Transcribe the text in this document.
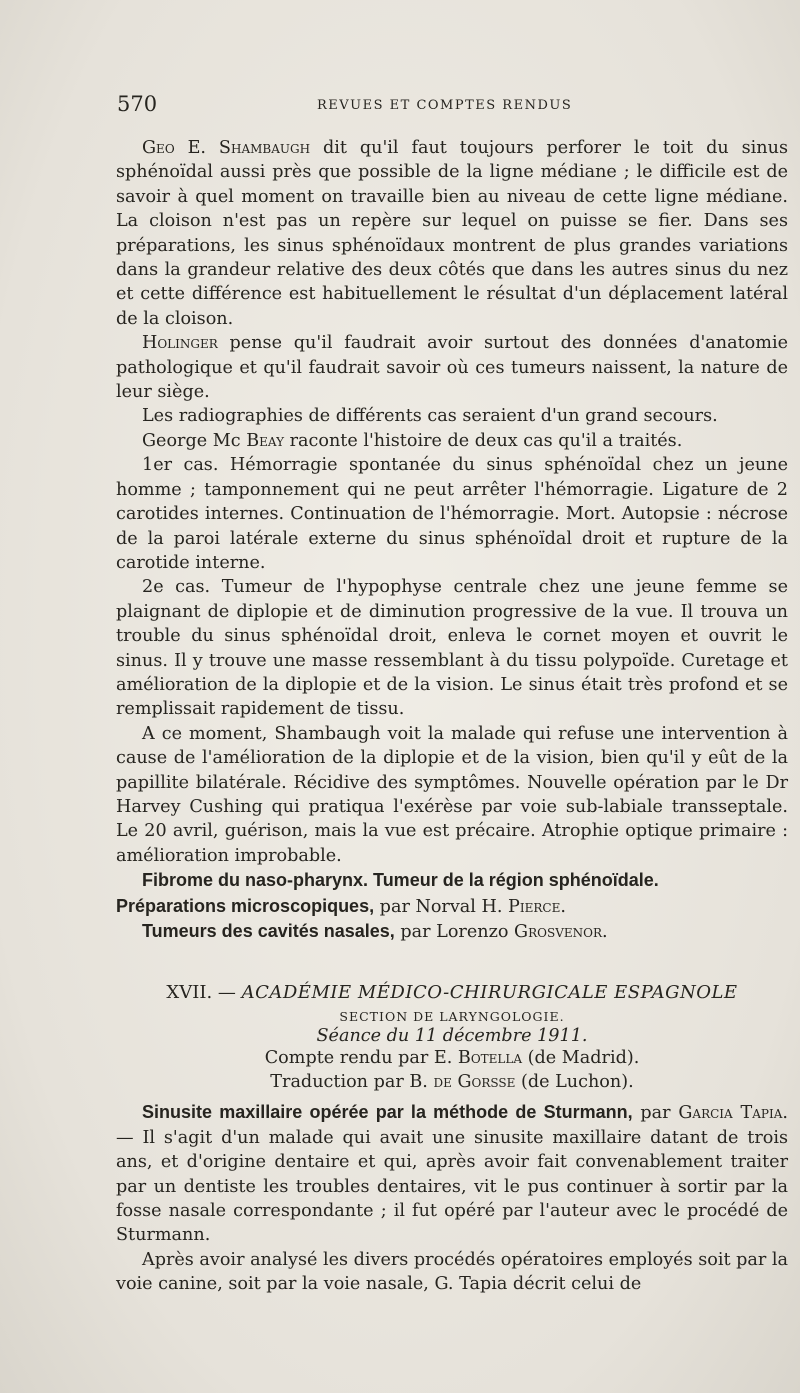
570	REVUES ET COMPTES RENDUS

Geo E. Shambaugh dit qu'il faut toujours perforer le toit du sinus sphénoïdal aussi près que possible de la ligne médiane ; le difficile est de savoir à quel moment on travaille bien au niveau de cette ligne médiane. La cloison n'est pas un repère sur lequel on puisse se fier. Dans ses préparations, les sinus sphénoïdaux montrent de plus grandes variations dans la grandeur relative des deux côtés que dans les autres sinus du nez et cette différence est habituellement le résultat d'un déplacement latéral de la cloison.

Holinger pense qu'il faudrait avoir surtout des données d'anatomie pathologique et qu'il faudrait savoir où ces tumeurs naissent, la nature de leur siège.

Les radiographies de différents cas seraient d'un grand secours.

George Mc Beay raconte l'histoire de deux cas qu'il a traités.

1er cas. Hémorragie spontanée du sinus sphénoïdal chez un jeune homme ; tamponnement qui ne peut arrêter l'hémorragie. Ligature de 2 carotides internes. Continuation de l'hémorragie. Mort. Autopsie : nécrose de la paroi latérale externe du sinus sphénoïdal droit et rupture de la carotide interne.

2e cas. Tumeur de l'hypophyse centrale chez une jeune femme se plaignant de diplopie et de diminution progressive de la vue. Il trouva un trouble du sinus sphénoïdal droit, enleva le cornet moyen et ouvrit le sinus. Il y trouve une masse ressemblant à du tissu polypoïde. Curetage et amélioration de la diplopie et de la vision. Le sinus était très profond et se remplissait rapidement de tissu.

A ce moment, Shambaugh voit la malade qui refuse une intervention à cause de l'amélioration de la diplopie et de la vision, bien qu'il y eût de la papillite bilatérale. Récidive des symptômes. Nouvelle opération par le Dr Harvey Cushing qui pratiqua l'exérèse par voie sub-labiale transseptale. Le 20 avril, guérison, mais la vue est précaire. Atrophie optique primaire : amélioration improbable.

Fibrome du naso-pharynx. Tumeur de la région sphénoïdale.

Préparations microscopiques, par Norval H. Pierce.

Tumeurs des cavités nasales, par Lorenzo Grosvenor.

XVII. — ACADÉMIE MÉDICO-CHIRURGICALE ESPAGNOLE
SECTION DE LARYNGOLOGIE.
Séance du 11 décembre 1911.
Compte rendu par E. Botella (de Madrid).
Traduction par B. de Gorsse (de Luchon).

Sinusite maxillaire opérée par la méthode de Sturmann, par Garcia Tapia. — Il s'agit d'un malade qui avait une sinusite maxillaire datant de trois ans, et d'origine dentaire et qui, après avoir fait convenablement traiter par un dentiste les troubles dentaires, vit le pus continuer à sortir par la fosse nasale correspondante ; il fut opéré par l'auteur avec le procédé de Sturmann.

Après avoir analysé les divers procédés opératoires employés soit par la voie canine, soit par la voie nasale, G. Tapia décrit celui de
